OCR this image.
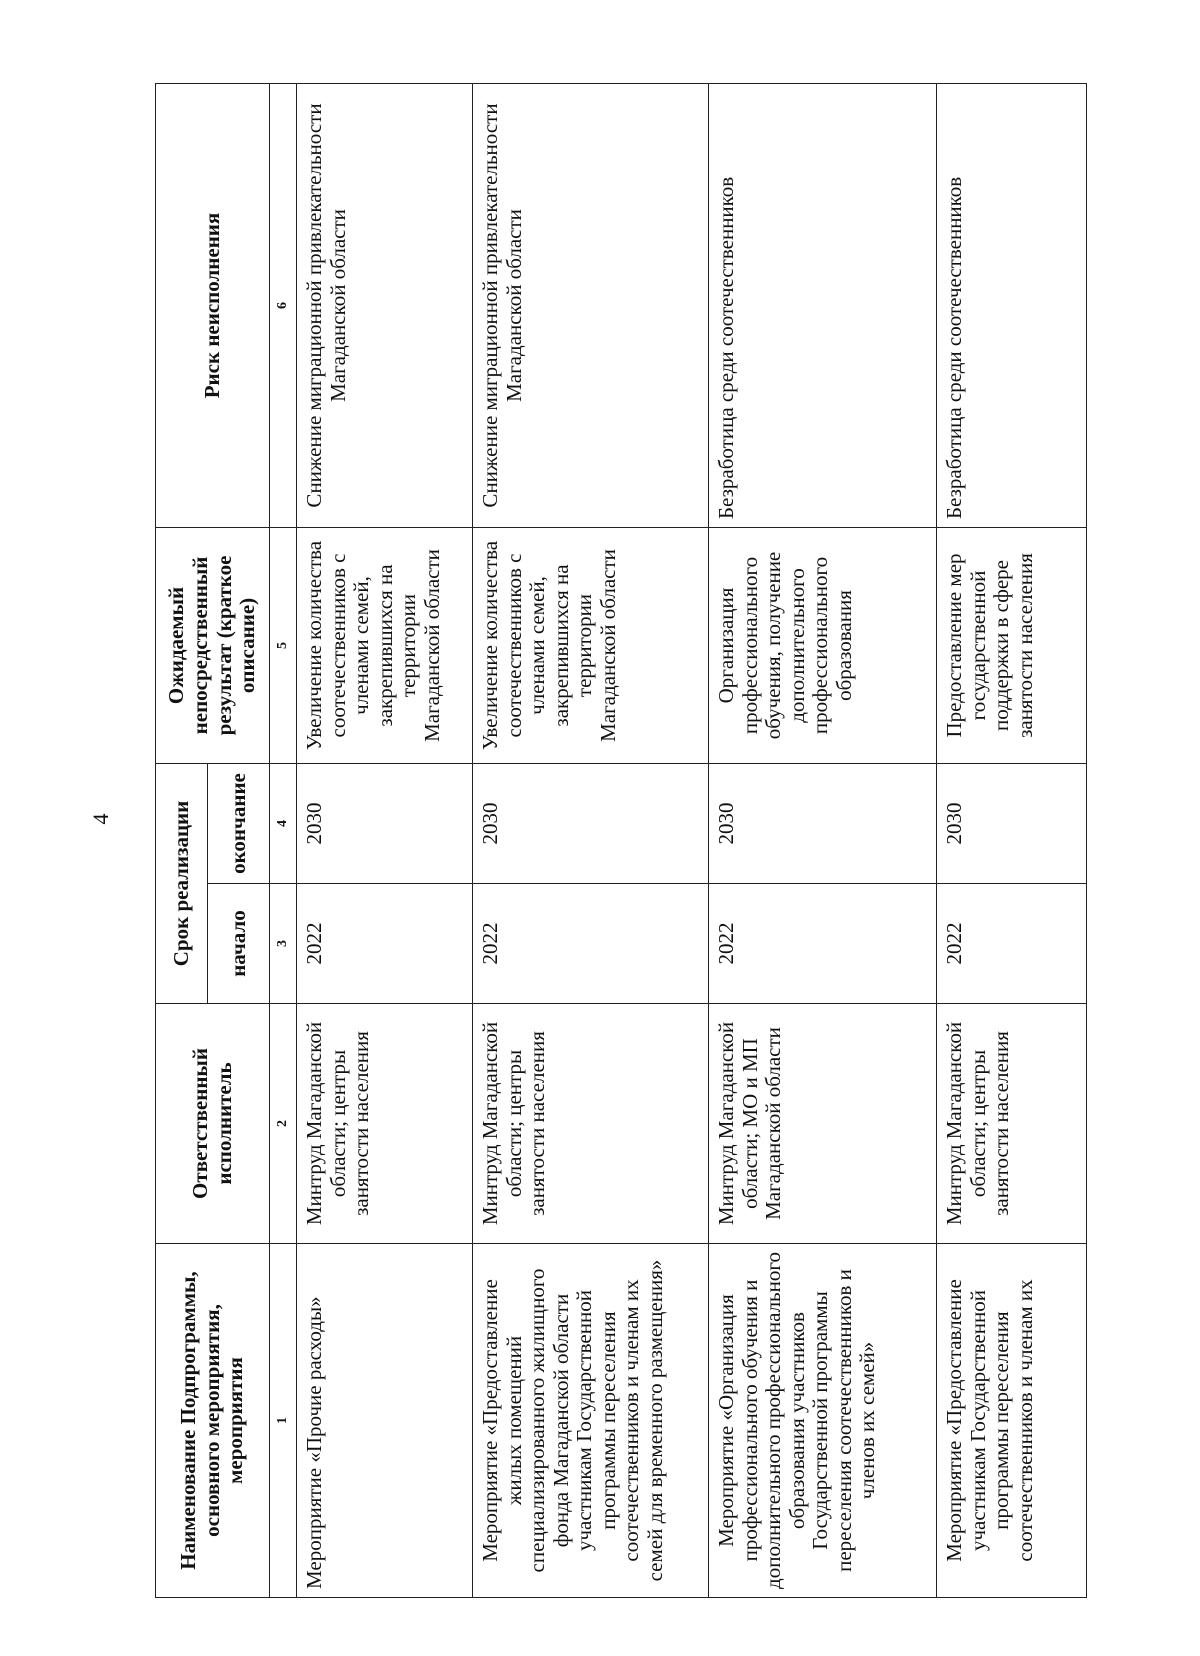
4
Наименование Подпрограммы, основного мероприятия, мероприятия	Ответственный исполнитель	Срок реализации		Ожидаемый непосредственный результат (краткое описание)	Риск неисполнения
		начало	окончание		
1	2	3	4	5	6
Мероприятие «Прочие расходы»	Минтруд Магаданской области; центры занятости населения	2022	2030	Увеличение количества соотечественников с членами семей, закрепившихся на территории Магаданской области	Снижение миграционной привлекательности Магаданской области
Мероприятие «Предоставление жилых помещений специализированного жилищного фонда Магаданской области участникам Государственной программы переселения соотечественников и членам их семей для временного размещения»	Минтруд Магаданской области; центры занятости населения	2022	2030	Увеличение количества соотечественников с членами семей, закрепившихся на территории Магаданской области	Снижение миграционной привлекательности Магаданской области
Мероприятие «Организация профессионального обучения и дополнительного профессионального образования участников Государственной программы переселения соотечественников и членов их семей»	Минтруд Магаданской области; МО и МП Магаданской области	2022	2030	Организация профессионального обучения, получение дополнительного профессионального образования	Безработица среди соотечественников
Мероприятие «Предоставление участникам Государственной программы переселения соотечественников и членам их	Минтруд Магаданской области; центры занятости населения	2022	2030	Предоставление мер государственной поддержки в сфере занятости населения	Безработица среди соотечественников
